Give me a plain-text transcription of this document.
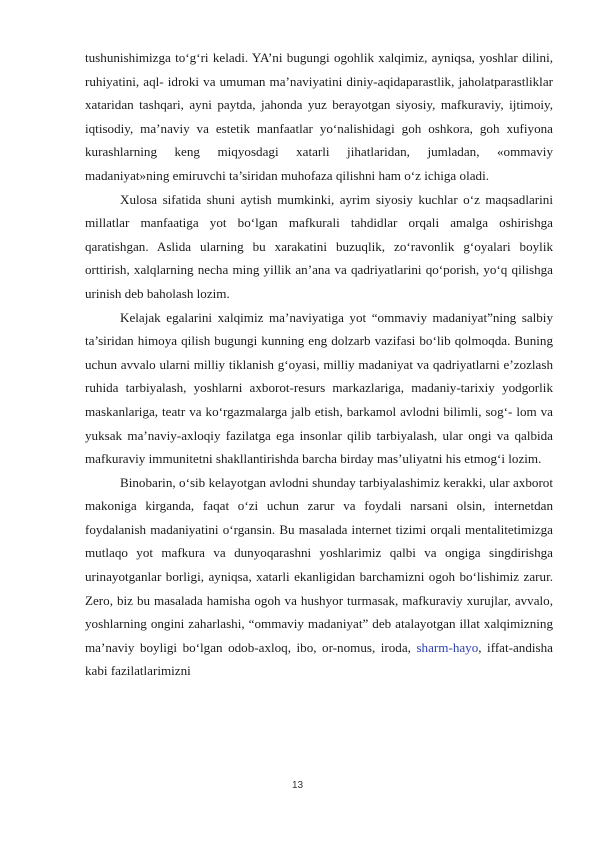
tushunishimizga to‘g‘ri keladi. YA’ni bugungi ogohlik xalqimiz, ayniqsa, yoshlar dilini, ruhiyatini, aql- idroki va umuman ma’naviyatini diniy-aqidaparastlik, jaholatparastliklar xataridan tashqari, ayni paytda, jahonda yuz berayotgan siyosiy, mafkuraviy, ijtimoiy, iqtisodiy, ma’naviy va estetik manfaatlar yo‘nalishidagi goh oshkora, goh xufiyona kurashlarning keng miqyosdagi xatarli jihatlaridan, jumladan, «ommaviy madaniyat»ning emiruvchi ta’siridan muhofaza qilishni ham o‘z ichiga oladi.

Xulosa sifatida shuni aytish mumkinki, ayrim siyosiy kuchlar o‘z maqsadlarini millatlar manfaatiga yot bo‘lgan mafkurali tahdidlar orqali amalga oshirishga qaratishgan. Aslida ularning bu xarakatini buzuqlik, zo‘ravonlik g‘oyalari boylik orttirish, xalqlarning necha ming yillik an’ana va qadriyatlarini qo‘porish, yo‘q qilishga urinish deb baholash lozim.

Kelajak egalarini xalqimiz ma’naviyatiga yot “ommaviy madaniyat”ning salbiy ta’siridan himoya qilish bugungi kunning eng dolzarb vazifasi bo‘lib qolmoqda. Buning uchun avvalo ularni milliy tiklanish g‘oyasi, milliy madaniyat va qadriyatlarni e’zozlash ruhida tarbiyalash, yoshlarni axborot-resurs markazlariga, madaniy-tarixiy yodgorlik maskanlariga, teatr va ko‘rgazmalarga jalb etish, barkamol avlodni bilimli, sog‘- lom va yuksak ma’naviy-axloqiy fazilatga ega insonlar qilib tarbiyalash, ular ongi va qalbida mafkuraviy immunitetni shakllantirishda barcha birday mas’uliyatni his etmog‘i lozim.

Binobarin, o‘sib kelayotgan avlodni shunday tarbiyalashimiz kerakki, ular axborot makoniga kirganda, faqat o‘zi uchun zarur va foydali narsani olsin, internetdan foydalanish madaniyatini o‘rgansin. Bu masalada internet tizimi orqali mentalitetimizga mutlaqo yot mafkura va dunyoqarashni yoshlarimiz qalbi va ongiga singdirishga urinayotganlar borligi, ayniqsa, xatarli ekanligidan barchamizni ogoh bo‘lishimiz zarur. Zero, biz bu masalada hamisha ogoh va hushyor turmasak, mafkuraviy xurujlar, avvalo, yoshlarning ongini zaharlashi, “ommaviy madaniyat” deb atalayotgan illat xalqimizning ma’naviy boyligi bo‘lgan odob-axloq, ibo, or-nomus, iroda, sharm-hayo, iffat-andisha kabi fazilatlarimizni

13
